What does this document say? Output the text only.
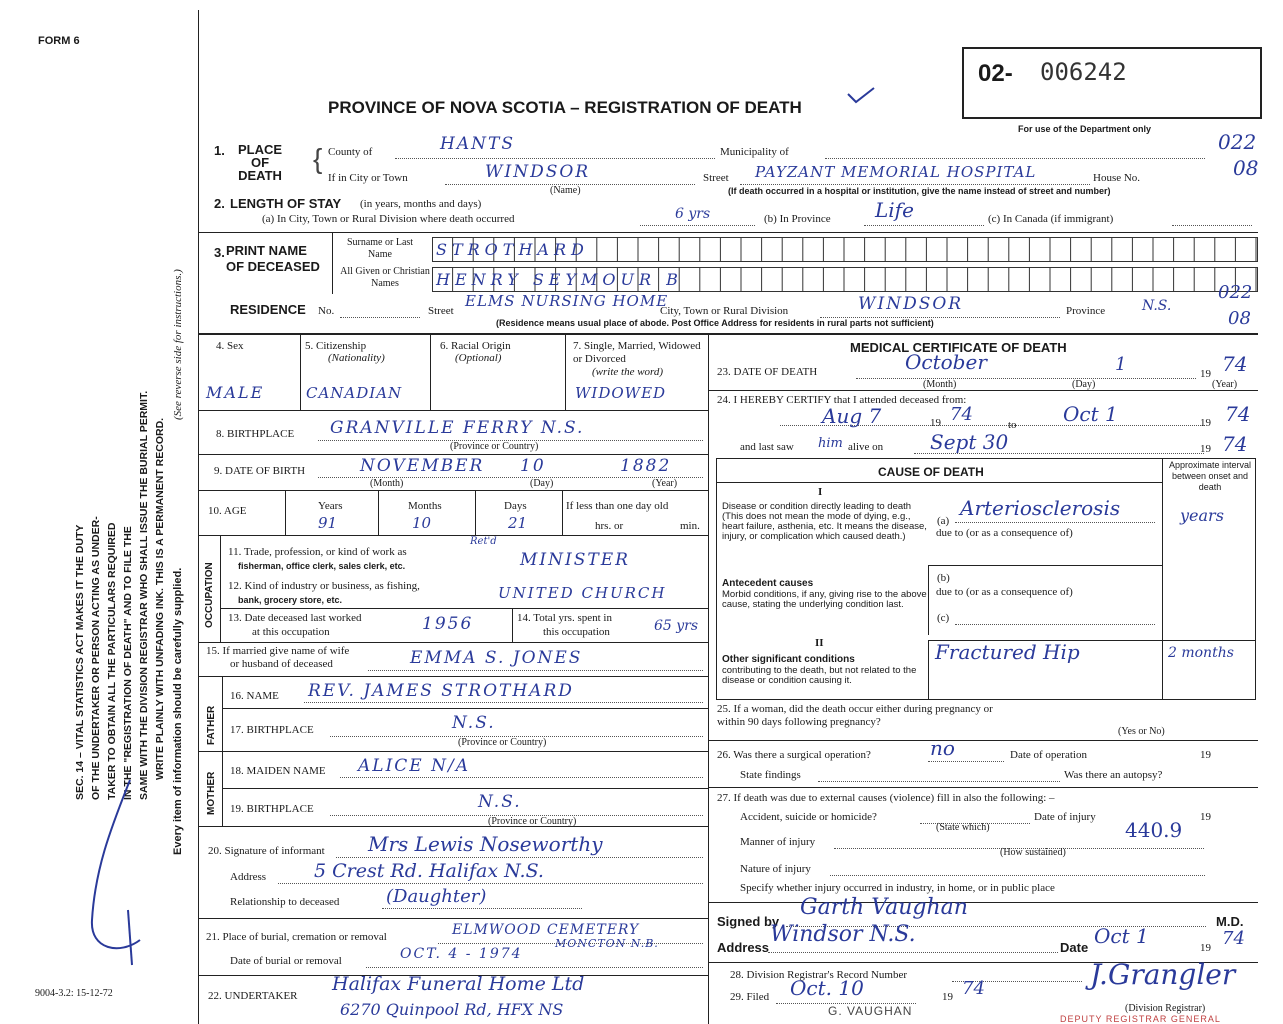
FORM 6
9004-3.2: 15-12-72
SEC. 14 – VITAL STATISTICS ACT MAKES IT THE DUTY OF THE UNDERTAKER OR PERSON ACTING AS UNDER- TAKER TO OBTAIN ALL THE PARTICULARS REQUIRED IN THE "REGISTRATION OF DEATH" AND TO FILE THE SAME WITH THE DIVISION REGISTRAR WHO SHALL ISSUE THE BURIAL PERMIT. WRITE PLAINLY WITH UNFADING INK. THIS IS A PERMANENT RECORD.
(See reverse side for instructions.)
Every item of information should be carefully supplied.
PROVINCE OF NOVA SCOTIA – REGISTRATION OF DEATH
02- 006242
For use of the Department only
1.	PLACE OF DEATH
{ County of	HANTS	Municipality of	022
If in City or Town	WINDSOR
(Name)
Street PAYZANT MEMORIAL HOSPITAL	House No.	08
(If death occurred in a hospital or institution, give the name instead of street and number)
2. LENGTH OF STAY (in years, months and days)
(a) In City, Town or Rural Division where death occurred	6 yrs	(b) In Province Life	(c) In Canada (if immigrant)
3. PRINT NAME
OF DECEASED
Surname or Last Name
All Given or Christian Names
STROTHARD
HENRY SEYMOUR B
RESIDENCE No.	Street
ELMS NURSING HOME
City, Town or Rural Division	WINDSOR	Province	N.S.
022
08
(Residence means usual place of abode. Post Office Address for residents in rural parts not sufficient)
4. Sex
MALE
5. Citizenship
(Nationality)
CANADIAN
6. Racial Origin
(Optional)
7. Single, Married, Widowed or Divorced
(write the word)
WIDOWED
8. BIRTHPLACE GRANVILLE FERRY N.S.
(Province or Country)
9. DATE OF BIRTH	NOVEMBER 10	1882
(Month)	(Day)	(Year)
10. AGE	Years	Months	Days
91	10	21
If less than one day old
hrs. or	min.
OCCUPATION
11. Trade, profession, or kind of work as
fisherman, office clerk, sales clerk, etc.
Ret'd
MINISTER
12. Kind of industry or business, as fishing,
bank, grocery store, etc.	UNITED CHURCH
13. Date deceased last worked
at this occupation	1956	14. Total yrs. spent in
this occupation	65 yrs
15. If married give name of wife
or husband of deceased	EMMA S. JONES
FATHER
16. NAME REV. JAMES STROTHARD
17. BIRTHPLACE	N.S.
(Province or Country)
MOTHER
18. MAIDEN NAME ALICE N/A
19. BIRTHPLACE	N.S.
(Province or Country)
20. Signature of informant Mrs Lewis Noseworthy
Address	5 Crest Rd. Halifax N.S.
Relationship to deceased	(Daughter)
21. Place of burial, cremation or removal	ELMWOOD CEMETERY
MONCTON N.B.
Date of burial or removal	OCT. 4 - 1974
22. UNDERTAKER
Halifax Funeral Home Ltd
6270 Quinpool Rd, HFX NS
MEDICAL CERTIFICATE OF DEATH
23. DATE OF DEATH	October	1	19 74
(Month)	(Day)	(Year)
24. I HEREBY CERTIFY that I attended deceased from:
Aug 7	19 74	to Oct 1	19 74
and last saw him alive on Sept 30	19 74
CAUSE OF DEATH	Approximate interval between onset and death
I
Disease or condition directly leading to death (This does not mean the mode of dying, e.g., heart failure, asthenia, etc. It means the disease, injury, or complication which caused death.)
(a)
Arteriosclerosis	years
due to (or as a consequence of)
Antecedent causes
Morbid conditions, if any, giving rise to the above cause, stating the underlying condition last.
(b)
due to (or as a consequence of)
(c)
II
Other significant conditions
contributing to the death, but not related to the disease or condition causing it.
Fractured Hip	2 months
25. If a woman, did the death occur either during pregnancy or within 90 days following pregnancy?
(Yes or No)
26. Was there a surgical operation?	no	Date of operation	19
State findings	Was there an autopsy?
27. If death was due to external causes (violence) fill in also the following: –
Accident, suicide or homicide?	Date of injury	19
(State which)	440.9
Manner of injury
(How sustained)
Nature of injury
Specify whether injury occurred in industry, in home, or in public place
Signed by
Garth Vaughan
M.D.
Address
Windsor N.S.
Date Oct 1	19 74
28. Division Registrar's Record Number
29. Filed Oct. 10	19 74	J.Grangler
(Division Registrar)
G. VAUGHAN
DEPUTY REGISTRAR GENERAL
